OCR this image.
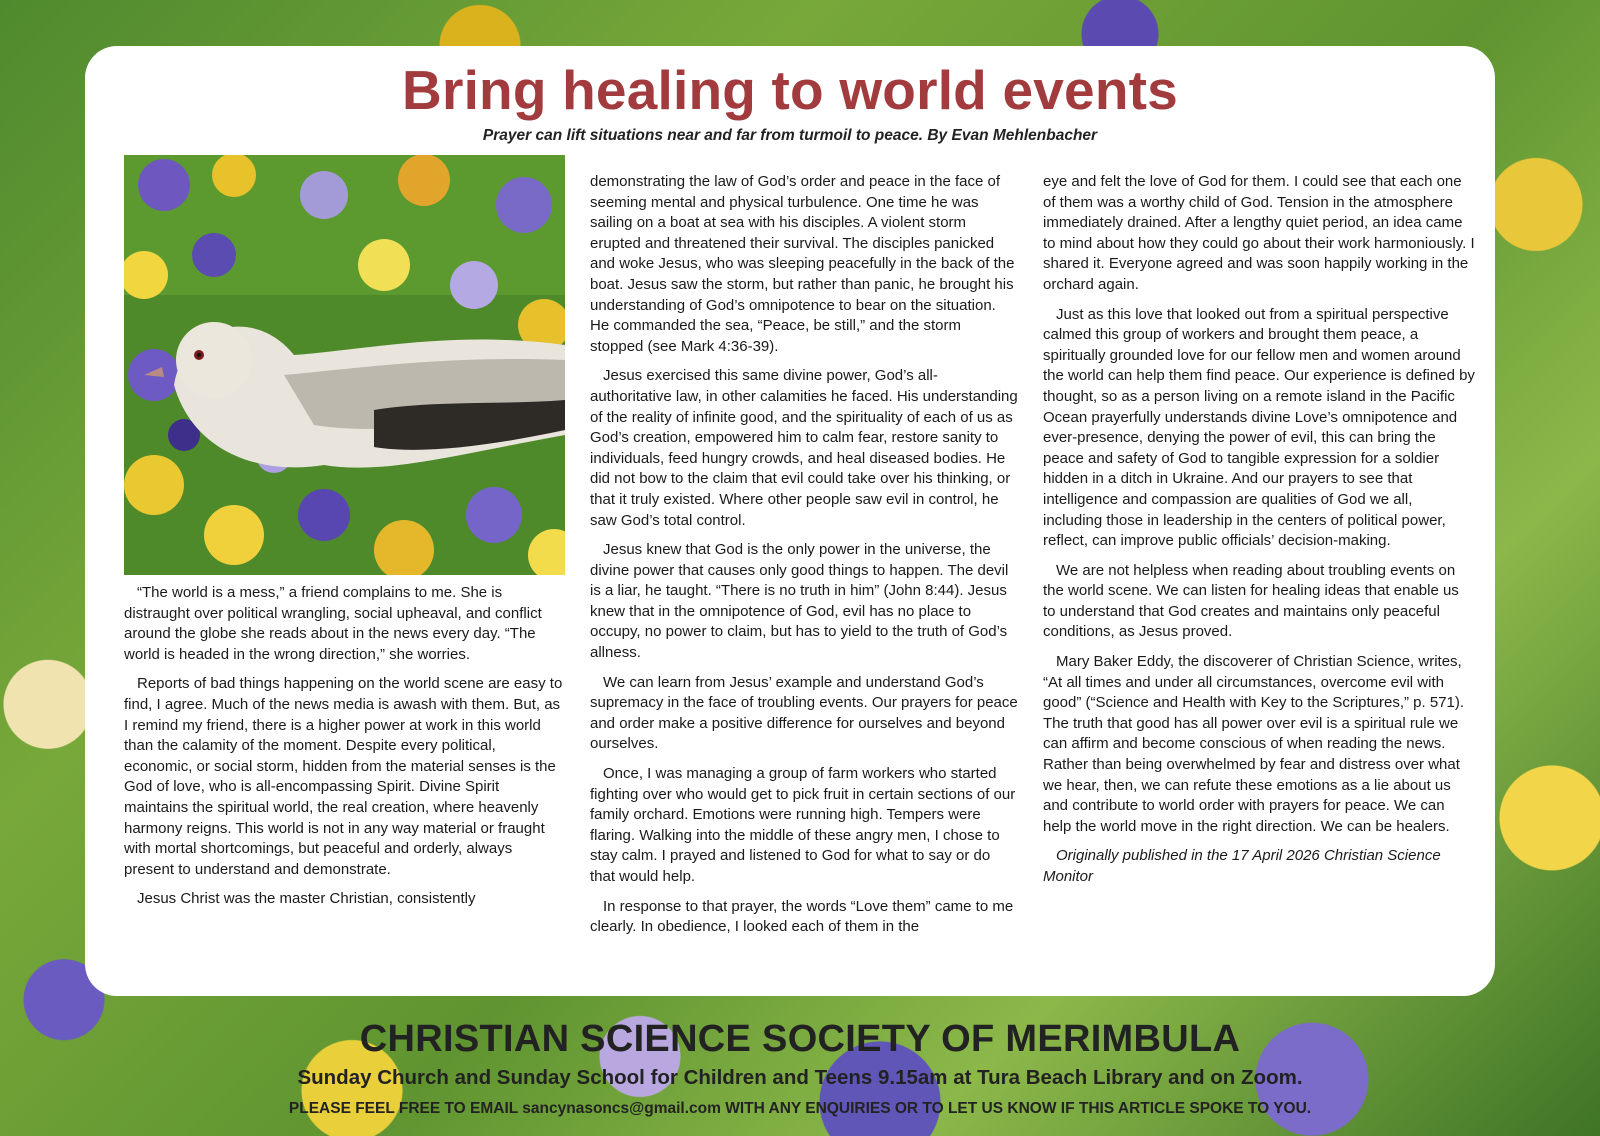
Bring healing to world events
Prayer can lift situations near and far from turmoil to peace. By Evan Mehlenbacher

“The world is a mess,” a friend complains to me. She is distraught over political wrangling, social upheaval, and conflict around the globe she reads about in the news every day. “The world is headed in the wrong direction,” she worries.

Reports of bad things happening on the world scene are easy to find, I agree. Much of the news media is awash with them. But, as I remind my friend, there is a higher power at work in this world than the calamity of the moment. Despite every political, economic, or social storm, hidden from the material senses is the God of love, who is all-encompassing Spirit. Divine Spirit maintains the spiritual world, the real creation, where heavenly harmony reigns. This world is not in any way material or fraught with mortal shortcomings, but peaceful and orderly, always present to understand and demonstrate.

Jesus Christ was the master Christian, consistently

demonstrating the law of God’s order and peace in the face of seeming mental and physical turbulence. One time he was sailing on a boat at sea with his disciples. A violent storm erupted and threatened their survival. The disciples panicked and woke Jesus, who was sleeping peacefully in the back of the boat. Jesus saw the storm, but rather than panic, he brought his understanding of God’s omnipotence to bear on the situation. He commanded the sea, “Peace, be still,” and the storm stopped (see Mark 4:36-39).

Jesus exercised this same divine power, God’s all-authoritative law, in other calamities he faced. His understanding of the reality of infinite good, and the spirituality of each of us as God’s creation, empowered him to calm fear, restore sanity to individuals, feed hungry crowds, and heal diseased bodies. He did not bow to the claim that evil could take over his thinking, or that it truly existed. Where other people saw evil in control, he saw God’s total control.

Jesus knew that God is the only power in the universe, the divine power that causes only good things to happen. The devil is a liar, he taught. “There is no truth in him” (John 8:44). Jesus knew that in the omnipotence of God, evil has no place to occupy, no power to claim, but has to yield to the truth of God’s allness.

We can learn from Jesus’ example and understand God’s supremacy in the face of troubling events. Our prayers for peace and order make a positive difference for ourselves and beyond ourselves.

Once, I was managing a group of farm workers who started fighting over who would get to pick fruit in certain sections of our family orchard. Emotions were running high. Tempers were flaring. Walking into the middle of these angry men, I chose to stay calm. I prayed and listened to God for what to say or do that would help.

In response to that prayer, the words “Love them” came to me clearly. In obedience, I looked each of them in the

eye and felt the love of God for them. I could see that each one of them was a worthy child of God. Tension in the atmosphere immediately drained. After a lengthy quiet period, an idea came to mind about how they could go about their work harmoniously. I shared it. Everyone agreed and was soon happily working in the orchard again.

Just as this love that looked out from a spiritual perspective calmed this group of workers and brought them peace, a spiritually grounded love for our fellow men and women around the world can help them find peace. Our experience is defined by thought, so as a person living on a remote island in the Pacific Ocean prayerfully understands divine Love’s omnipotence and ever-presence, denying the power of evil, this can bring the peace and safety of God to tangible expression for a soldier hidden in a ditch in Ukraine. And our prayers to see that intelligence and compassion are qualities of God we all, including those in leadership in the centers of political power, reflect, can improve public officials’ decision-making.

We are not helpless when reading about troubling events on the world scene. We can listen for healing ideas that enable us to understand that God creates and maintains only peaceful conditions, as Jesus proved.

Mary Baker Eddy, the discoverer of Christian Science, writes, “At all times and under all circumstances, overcome evil with good” (“Science and Health with Key to the Scriptures,” p. 571). The truth that good has all power over evil is a spiritual rule we can affirm and become conscious of when reading the news. Rather than being overwhelmed by fear and distress over what we hear, then, we can refute these emotions as a lie about us and contribute to world order with prayers for peace. We can help the world move in the right direction. We can be healers.

Originally published in the 17 April 2026 Christian Science Monitor

CHRISTIAN SCIENCE SOCIETY OF MERIMBULA
Sunday Church and Sunday School for Children and Teens 9.15am at Tura Beach Library and on Zoom.
PLEASE FEEL FREE TO EMAIL sancynasoncs@gmail.com WITH ANY ENQUIRIES OR TO LET US KNOW IF THIS ARTICLE SPOKE TO YOU.
